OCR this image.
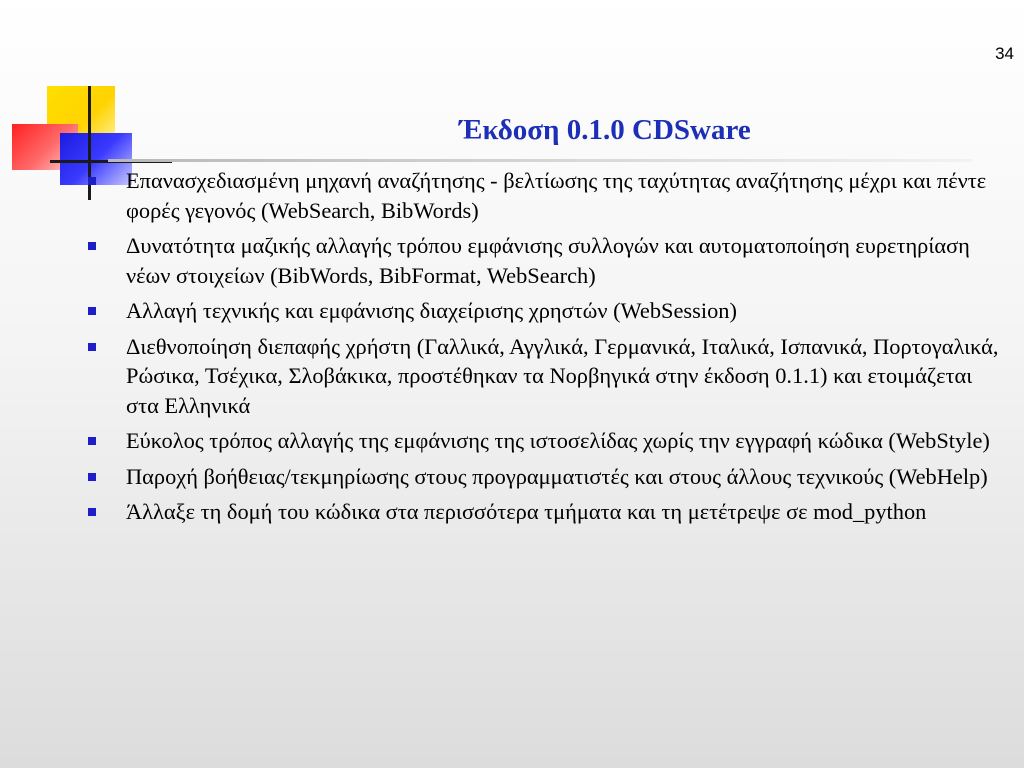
34
Έκδοση 0.1.0 CDSware
Επανασχεδιασμένη μηχανή αναζήτησης - βελτίωσης της ταχύτητας αναζήτησης μέχρι και πέντε φορές γεγονός (WebSearch, BibWords)
Δυνατότητα μαζικής αλλαγής τρόπου εμφάνισης συλλογών και αυτοματοποίηση ευρετηρίαση νέων στοιχείων (BibWords, BibFormat, WebSearch)
Αλλαγή τεχνικής και εμφάνισης διαχείρισης χρηστών (WebSession)
Διεθνοποίηση διεπαφής χρήστη (Γαλλικά, Αγγλικά, Γερμανικά, Ιταλικά, Ισπανικά, Πορτογαλικά, Ρώσικα, Τσέχικα, Σλοβάκικα, προστέθηκαν τα Νορβηγικά στην έκδοση 0.1.1) και ετοιμάζεται στα Ελληνικά
Εύκολος τρόπος αλλαγής της εμφάνισης της ιστοσελίδας χωρίς την εγγραφή κώδικα (WebStyle)
Παροχή βοήθειας/τεκμηρίωσης στους προγραμματιστές και στους άλλους τεχνικούς (WebHelp)
Άλλαξε τη δομή του κώδικα στα περισσότερα τμήματα και τη μετέτρεψε σε mod_python
